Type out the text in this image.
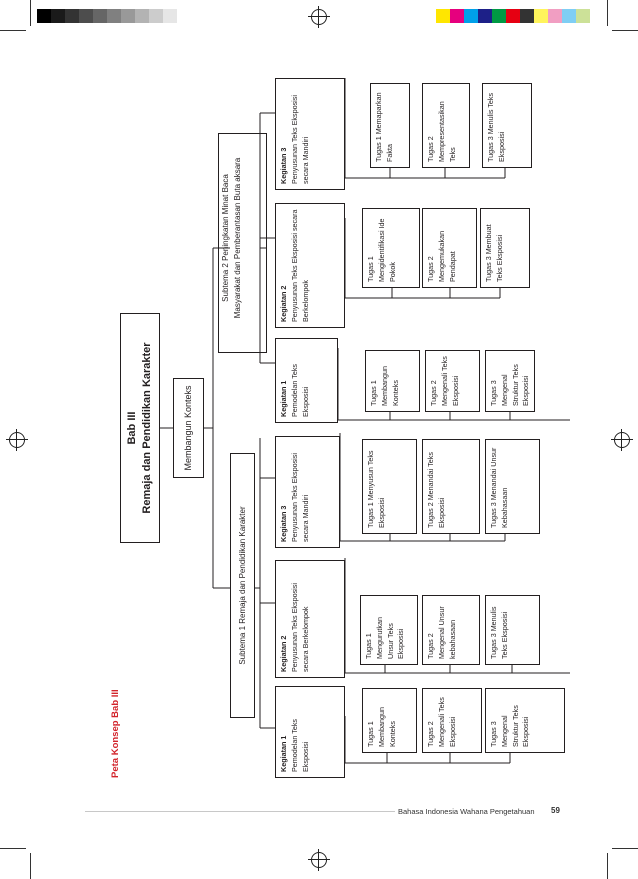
Peta Konsep Bab III
Bab III Remaja dan Pendidikan Karakter	Membangun Konteks
Subtema 1 Remaja dan Pendidikan Karakter
Subtema 2 Peningkatan Minat Baca Masyarakat dan Pemberantasan Buta aksara
Kegiatan 1 Pemodelan Teks Eksposisi
Kegiatan 2 Penyusunan Teks Eksposisi secara Berkelompok
Kegiatan 3 Penyusunan Teks Eksposisi secara Mandiri
Kegiatan 1 Pemodelan Teks Eksposisi
Kegiatan 2 Penyusunan Teks Eksposisi secara Berkelompok
Kegiatan 3 Penyusunan Teks Eksposisi secara Mandiri
Tugas 1 Membangun Konteks	Tugas 2 Mengenali Teks Eksposisi	Tugas 3 Mengenal Struktur Teks Eksposisi
Tugas 1 Mengurutkan Unsur Teks Eksposisi	Tugas 2 Mengenal Unsur kebahasaan	Tugas 3 Menulis Teks Eksposisi
Tugas 1 Menyusun Teks Eksposisi	Tugas 2 Menandai Teks Eksposisi	Tugas 3 Menandai Unsur Kebahasaan
Tugas 1 Membangun Konteks	Tugas 2 Mengenali Teks Eksposisi	Tugas 3 Mengenal Struktur Teks Eksposisi
Tugas 1 Mengidentifikasi Ide Pokok	Tugas 2 Mengemukakan Pendapat	Tugas 3 Membuat Teks Eksposisi
Tugas 1 Memaparkan Fakta	Tugas 2 Mempresentasikan Teks	Tugas 3 Menulis Teks Eksposisi
Bahasa Indonesia Wahana Pengetahuan 59
